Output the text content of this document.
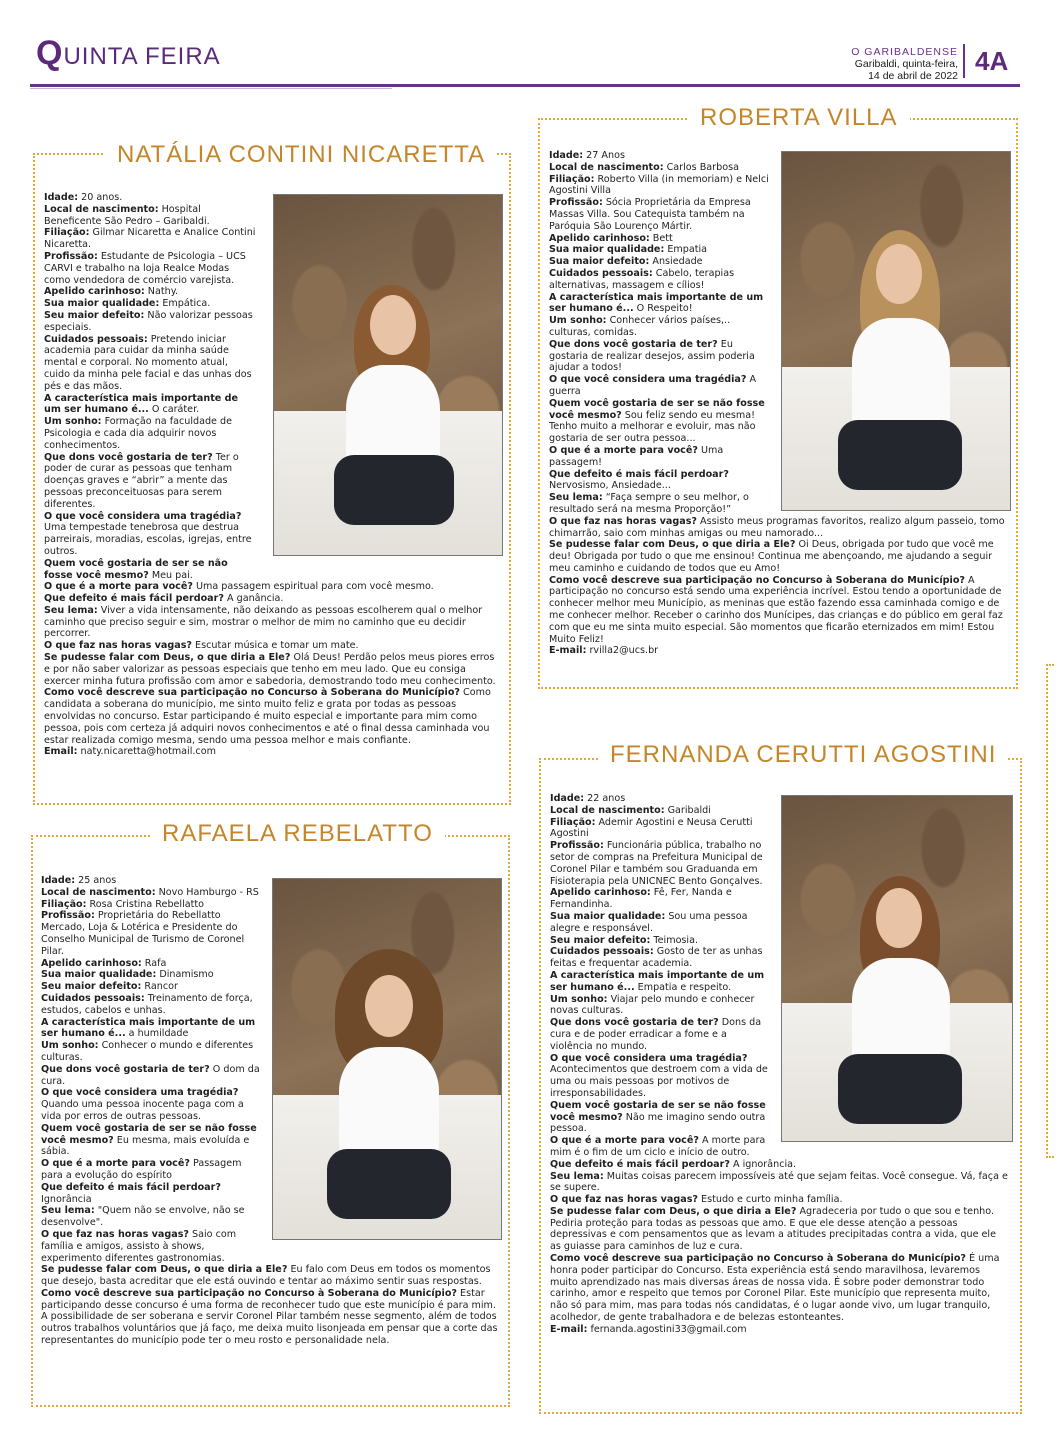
QUINTA FEIRA	O GARIBALDENSE
Garibaldi, quinta-feira,
14 de abril de 2022 4A
NATÁLIA CONTINI NICARETTA

Idade: 20 anos.

Local de nascimento: Hospital Beneficente São Pedro – Garibaldi.

Filiação: Gilmar Nicaretta e Analice Contini Nicaretta.

Profissão: Estudante de Psicologia – UCS CARVI e trabalho na loja Realce Modas como vendedora de comércio varejista.

Apelido carinhoso: Nathy.

Sua maior qualidade: Empática.

Seu maior defeito: Não valorizar pessoas especiais.

Cuidados pessoais: Pretendo iniciar academia para cuidar da minha saúde mental e corporal. No momento atual, cuido da minha pele facial e das unhas dos pés e das mãos.

A característica mais importante de um ser humano é... O caráter.

Um sonho: Formação na faculdade de Psicologia e cada dia adquirir novos conhecimentos.

Que dons você gostaria de ter? Ter o poder de curar as pessoas que tenham doenças graves e “abrir” a mente das pessoas preconceituosas para serem diferentes.

O que você considera uma tragédia? Uma tempestade tenebrosa que destrua parreirais, moradias, escolas, igrejas, entre outros.

Quem você gostaria de ser se não fosse você mesmo? Meu pai.

O que é a morte para você? Uma passagem espiritual para com você mesmo.

Que defeito é mais fácil perdoar? A ganância.

Seu lema: Viver a vida intensamente, não deixando as pessoas escolherem qual o melhor caminho que preciso seguir e sim, mostrar o melhor de mim no caminho que eu decidir percorrer.

O que faz nas horas vagas? Escutar música e tomar um mate.

Se pudesse falar com Deus, o que diria a Ele? Olá Deus! Perdão pelos meus piores erros e por não saber valorizar as pessoas especiais que tenho em meu lado. Que eu consiga exercer minha futura profissão com amor e sabedoria, demostrando todo meu conhecimento.

Como você descreve sua participação no Concurso à Soberana do Município? Como candidata a soberana do município, me sinto muito feliz e grata por todas as pessoas envolvidas no concurso. Estar participando é muito especial e importante para mim como pessoa, pois com certeza já adquiri novos conhecimentos e até o final dessa caminhada vou estar realizada comigo mesma, sendo uma pessoa melhor e mais confiante.

Email: naty.nicaretta@hotmail.com

ROBERTA VILLA

Idade: 27 Anos

Local de nascimento: Carlos Barbosa

Filiação: Roberto Villa (in memoriam) e Nelci Agostini Villa

Profissão: Sócia Proprietária da Empresa Massas Villa. Sou Catequista também na Paróquia São Lourenço Mártir.

Apelido carinhoso: Bett

Sua maior qualidade: Empatia

Sua maior defeito: Ansiedade

Cuidados pessoais: Cabelo, terapias alternativas, massagem e cílios!

A característica mais importante de um ser humano é... O Respeito!

Um sonho: Conhecer vários países,.. culturas, comidas.

Que dons você gostaria de ter? Eu gostaria de realizar desejos, assim poderia ajudar a todos!

O que você considera uma tragédia? A guerra

Quem você gostaria de ser se não fosse você mesmo? Sou feliz sendo eu mesma! Tenho muito a melhorar e evoluir, mas não gostaria de ser outra pessoa...

O que é a morte para você? Uma passagem!

Que defeito é mais fácil perdoar? Nervosismo, Ansiedade...

Seu lema: “Faça sempre o seu melhor, o resultado será na mesma Proporção!”

O que faz nas horas vagas? Assisto meus programas favoritos, realizo algum passeio, tomo chimarrão, saio com minhas amigas ou meu namorado...

Se pudesse falar com Deus, o que diria a Ele? Oi Deus, obrigada por tudo que você me deu! Obrigada por tudo o que me ensinou! Continua me abençoando, me ajudando a seguir meu caminho e cuidando de todos que eu Amo!

Como você descreve sua participação no Concurso à Soberana do Município? A participação no concurso está sendo uma experiência incrível. Estou tendo a oportunidade de conhecer melhor meu Município, as meninas que estão fazendo essa caminhada comigo e de me conhecer melhor. Receber o carinho dos Munícipes, das crianças e do público em geral faz com que eu me sinta muito especial. São momentos que ficarão eternizados em mim! Estou Muito Feliz!

E-mail: rvilla2@ucs.br

RAFAELA REBELATTO

Idade: 25 anos

Local de nascimento: Novo Hamburgo - RS

Filiação: Rosa Cristina Rebellatto

Profissão: Proprietária do Rebellatto Mercado, Loja & Lotérica e Presidente do Conselho Municipal de Turismo de Coronel Pilar.

Apelido carinhoso: Rafa

Sua maior qualidade: Dinamismo

Seu maior defeito: Rancor

Cuidados pessoais: Treinamento de força, estudos, cabelos e unhas.

A característica mais importante de um ser humano é... a humildade

Um sonho: Conhecer o mundo e diferentes culturas.

Que dons você gostaria de ter? O dom da cura.

O que você considera uma tragédia? Quando uma pessoa inocente paga com a vida por erros de outras pessoas.

Quem você gostaria de ser se não fosse você mesmo? Eu mesma, mais evoluída e sábia.

O que é a morte para você? Passagem para a evolução do espírito

Que defeito é mais fácil perdoar? Ignorância

Seu lema: "Quem não se envolve, não se desenvolve".

O que faz nas horas vagas? Saio com família e amigos, assisto à shows, experimento diferentes gastronomias.

Se pudesse falar com Deus, o que diria a Ele? Eu falo com Deus em todos os momentos que desejo, basta acreditar que ele está ouvindo e tentar ao máximo sentir suas respostas.

Como você descreve sua participação no Concurso à Soberana do Município? Estar participando desse concurso é uma forma de reconhecer tudo que este município é para mim. A possibilidade de ser soberana e servir Coronel Pilar também nesse segmento, além de todos outros trabalhos voluntários que já faço, me deixa muito lisonjeada em pensar que a corte das representantes do município pode ter o meu rosto e personalidade nela.

FERNANDA CERUTTI AGOSTINI

Idade: 22 anos

Local de nascimento: Garibaldi

Filiação: Ademir Agostini e Neusa Cerutti Agostini

Profissão: Funcionária pública, trabalho no setor de compras na Prefeitura Municipal de Coronel Pilar e também sou Graduanda em Fisioterapia pela UNICNEC Bento Gonçalves.

Apelido carinhoso: Fê, Fer, Nanda e Fernandinha.

Sua maior qualidade: Sou uma pessoa alegre e responsável.

Seu maior defeito: Teimosia.

Cuidados pessoais: Gosto de ter as unhas feitas e frequentar academia.

A característica mais importante de um ser humano é... Empatia e respeito.

Um sonho: Viajar pelo mundo e conhecer novas culturas.

Que dons você gostaria de ter? Dons da cura e de poder erradicar a fome e a violência no mundo.

O que você considera uma tragédia? Acontecimentos que destroem com a vida de uma ou mais pessoas por motivos de irresponsabilidades.

Quem você gostaria de ser se não fosse você mesmo? Não me imagino sendo outra pessoa.

O que é a morte para você? A morte para mim é o fim de um ciclo e início de outro.

Que defeito é mais fácil perdoar? A ignorância.

Seu lema: Muitas coisas parecem impossíveis até que sejam feitas. Você consegue. Vá, faça e se supere.

O que faz nas horas vagas? Estudo e curto minha família.

Se pudesse falar com Deus, o que diria a Ele? Agradeceria por tudo o que sou e tenho. Pediria proteção para todas as pessoas que amo. E que ele desse atenção a pessoas depressivas e com pensamentos que as levam a atitudes precipitadas contra a vida, que ele as guiasse para caminhos de luz e cura.

Como você descreve sua participação no Concurso à Soberana do Município? É uma honra poder participar do Concurso. Esta experiência está sendo maravilhosa, levaremos muito aprendizado nas mais diversas áreas de nossa vida. É sobre poder demonstrar todo carinho, amor e respeito que temos por Coronel Pilar. Este município que representa muito, não só para mim, mas para todas nós candidatas, é o lugar aonde vivo, um lugar tranquilo, acolhedor, de gente trabalhadora e de belezas estonteantes.

E-mail: fernanda.agostini33@gmail.com
